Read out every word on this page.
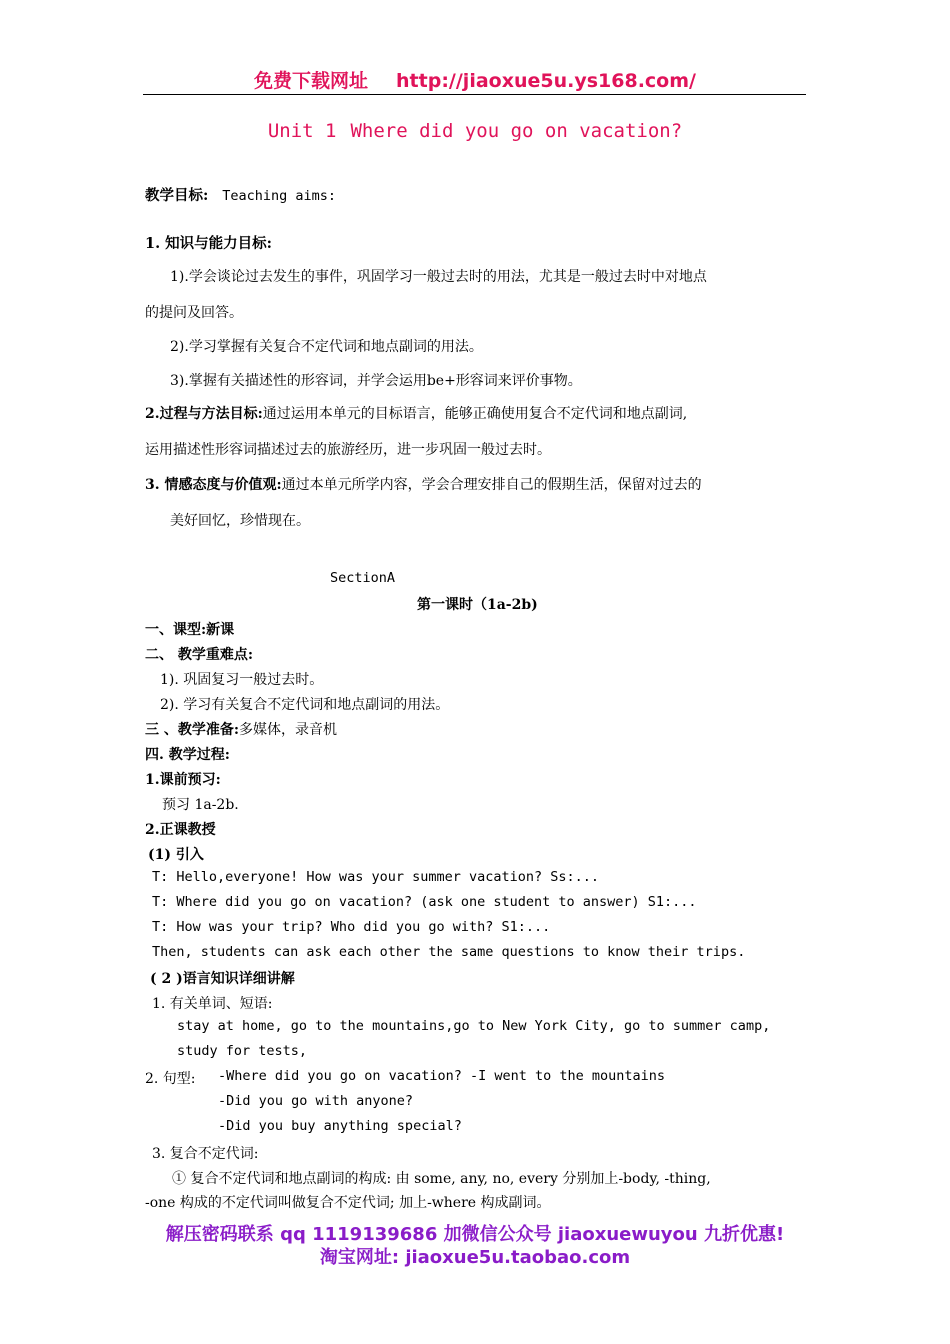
免费下载网址 http://jiaoxue5u.ys168.com/
Unit 1 Where did you go on vacation?
教学目标: Teaching aims:
1. 知识与能力目标:
1).学会谈论过去发生的事件，巩固学习一般过去时的用法，尤其是一般过去时中对地点
的提问及回答。
2).学习掌握有关复合不定代词和地点副词的用法。
3).掌握有关描述性的形容词，并学会运用be+形容词来评价事物。
2.过程与方法目标:通过运用本单元的目标语言，能够正确使用复合不定代词和地点副词,
运用描述性形容词描述过去的旅游经历，进一步巩固一般过去时。
3. 情感态度与价值观:通过本单元所学内容，学会合理安排自己的假期生活，保留对过去的
美好回忆，珍惜现在。
SectionA
第一课时（1a-2b)
一、课型:新课
二、 教学重难点:
1). 巩固复习一般过去时。
2). 学习有关复合不定代词和地点副词的用法。
三 、教学准备:多媒体，录音机
四. 教学过程:
1.课前预习:
预习 1a-2b.
2.正课教授
(1) 引入
T: Hello,everyone! How was your summer vacation? Ss:...
T: Where did you go on vacation? (ask one student to answer) S1:...
T: How was your trip? Who did you go with? S1:...
Then, students can ask each other the same questions to know their trips.
( 2 )语言知识详细讲解
1. 有关单词、短语:
stay at home, go to the mountains,go to New York City, go to summer camp,
study for tests,
2. 句型: -Where did you go on vacation? -I went to the mountains
-Did you go with anyone?
-Did you buy anything special?
3. 复合不定代词:
① 复合不定代词和地点副词的构成: 由 some, any, no, every 分别加上-body, -thing,
-one 构成的不定代词叫做复合不定代词; 加上-where 构成副词。
解压密码联系 qq 1119139686 加微信公众号 jiaoxuewuyou 九折优惠!
淘宝网址: jiaoxue5u.taobao.com
